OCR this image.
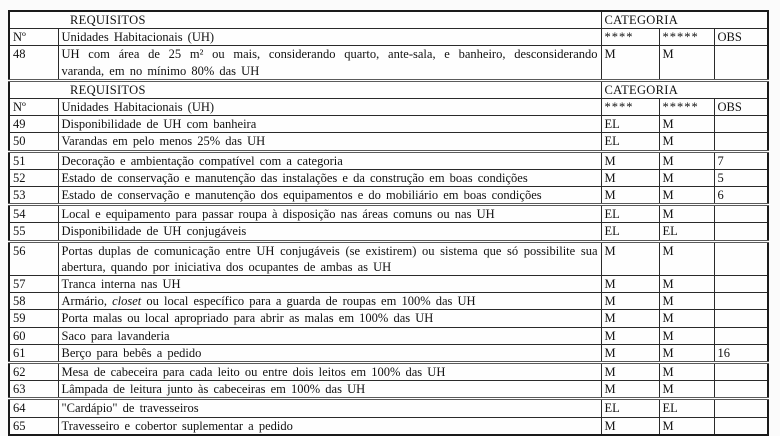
REQUISITOS		CATEGORIA		
Nº	Unidades Habitacionais (UH)	****	*****	OBS
48	UH com área de 25 m² ou mais, considerando quarto, ante-sala, e banheiro, desconsiderando varanda, em no mínimo 80% das UH	M	M	
REQUISITOS		CATEGORIA		
Nº	Unidades Habitacionais (UH)	****	*****	OBS
49	Disponibilidade de UH com banheira	EL	M	
50	Varandas em pelo menos 25% das UH	EL	M	
51	Decoração e ambientação compatível com a categoria	M	M	7
52	Estado de conservação e manutenção das instalações e da construção em boas condições	M	M	5
53	Estado de conservação e manutenção dos equipamentos e do mobiliário em boas condições	M	M	6
54	Local e equipamento para passar roupa à disposição nas áreas comuns ou nas UH	EL	M	
55	Disponibilidade de UH conjugáveis	EL	EL	
56	Portas duplas de comunicação entre UH conjugáveis (se existirem) ou sistema que só possibilite sua abertura, quando por iniciativa dos ocupantes de ambas as UH	M	M	
57	Tranca interna nas UH	M	M	
58	Armário, closet ou local específico para a guarda de roupas em 100% das UH	M	M	
59	Porta malas ou local apropriado para abrir as malas em 100% das UH	M	M	
60	Saco para lavanderia	M	M	
61	Berço para bebês a pedido	M	M	16
62	Mesa de cabeceira para cada leito ou entre dois leitos em 100% das UH	M	M	
63	Lâmpada de leitura junto às cabeceiras em 100% das UH	M	M	
64	"Cardápio" de travesseiros	EL	EL	
65	Travesseiro e cobertor suplementar a pedido	M	M	
